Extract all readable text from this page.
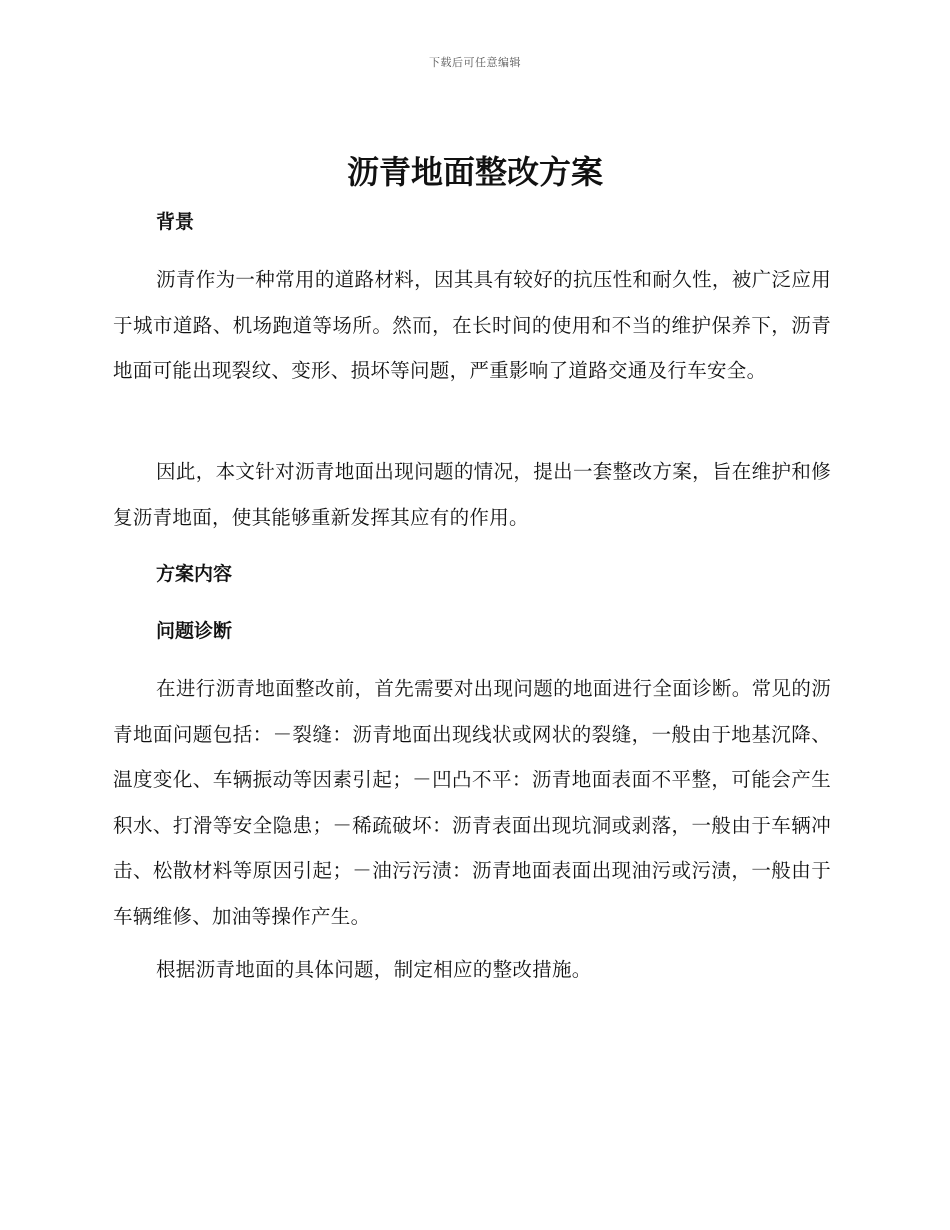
下载后可任意编辑
沥青地面整改方案
背景

沥青作为一种常用的道路材料，因其具有较好的抗压性和耐久性，被广泛应用于城市道路、机场跑道等场所。然而，在长时间的使用和不当的维护保养下，沥青地面可能出现裂纹、变形、损坏等问题，严重影响了道路交通及行车安全。

因此，本文针对沥青地面出现问题的情况，提出一套整改方案，旨在维护和修复沥青地面，使其能够重新发挥其应有的作用。

方案内容
问题诊断

在进行沥青地面整改前，首先需要对出现问题的地面进行全面诊断。常见的沥青地面问题包括：－裂缝：沥青地面出现线状或网状的裂缝，一般由于地基沉降、温度变化、车辆振动等因素引起；－凹凸不平：沥青地面表面不平整，可能会产生积水、打滑等安全隐患；－稀疏破坏：沥青表面出现坑洞或剥落，一般由于车辆冲击、松散材料等原因引起；－油污污渍：沥青地面表面出现油污或污渍，一般由于车辆维修、加油等操作产生。

根据沥青地面的具体问题，制定相应的整改措施。
